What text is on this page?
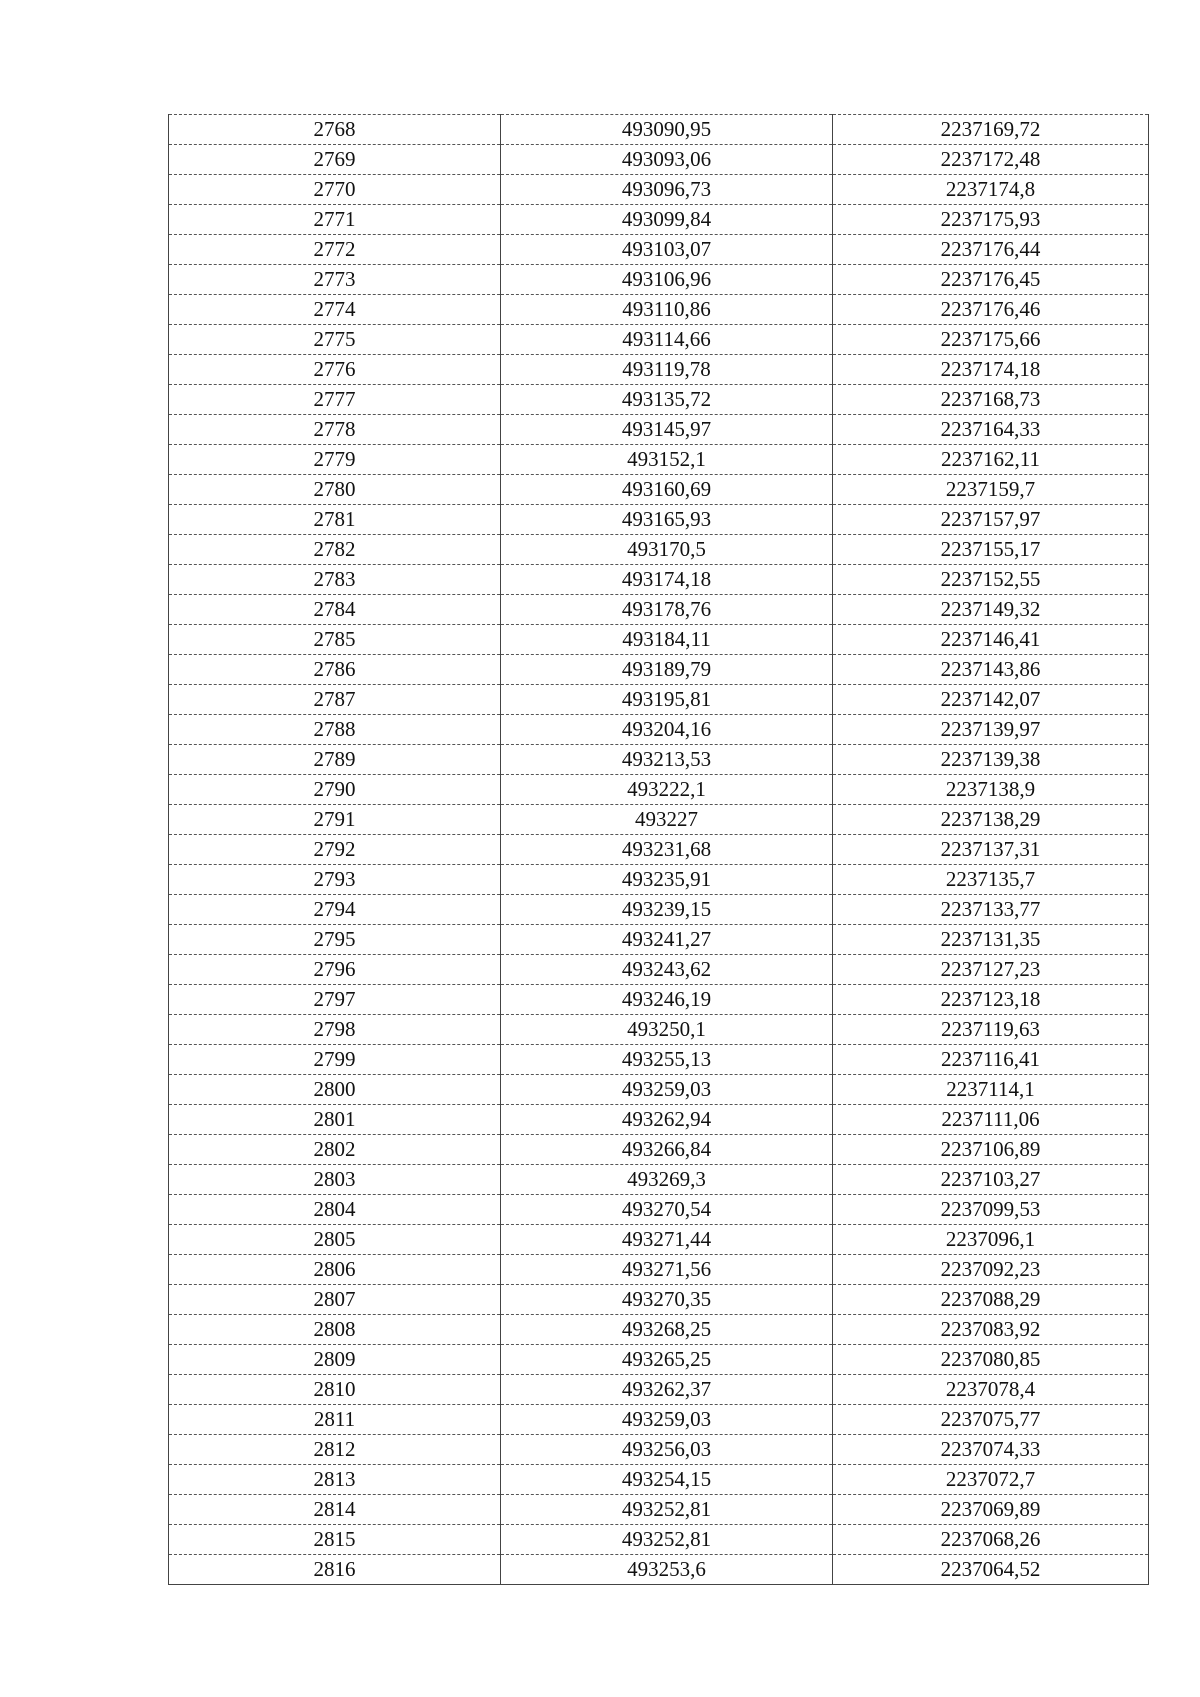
2768	493090,95	2237169,72
2769	493093,06	2237172,48
2770	493096,73	2237174,8
2771	493099,84	2237175,93
2772	493103,07	2237176,44
2773	493106,96	2237176,45
2774	493110,86	2237176,46
2775	493114,66	2237175,66
2776	493119,78	2237174,18
2777	493135,72	2237168,73
2778	493145,97	2237164,33
2779	493152,1	2237162,11
2780	493160,69	2237159,7
2781	493165,93	2237157,97
2782	493170,5	2237155,17
2783	493174,18	2237152,55
2784	493178,76	2237149,32
2785	493184,11	2237146,41
2786	493189,79	2237143,86
2787	493195,81	2237142,07
2788	493204,16	2237139,97
2789	493213,53	2237139,38
2790	493222,1	2237138,9
2791	493227	2237138,29
2792	493231,68	2237137,31
2793	493235,91	2237135,7
2794	493239,15	2237133,77
2795	493241,27	2237131,35
2796	493243,62	2237127,23
2797	493246,19	2237123,18
2798	493250,1	2237119,63
2799	493255,13	2237116,41
2800	493259,03	2237114,1
2801	493262,94	2237111,06
2802	493266,84	2237106,89
2803	493269,3	2237103,27
2804	493270,54	2237099,53
2805	493271,44	2237096,1
2806	493271,56	2237092,23
2807	493270,35	2237088,29
2808	493268,25	2237083,92
2809	493265,25	2237080,85
2810	493262,37	2237078,4
2811	493259,03	2237075,77
2812	493256,03	2237074,33
2813	493254,15	2237072,7
2814	493252,81	2237069,89
2815	493252,81	2237068,26
2816	493253,6	2237064,52
